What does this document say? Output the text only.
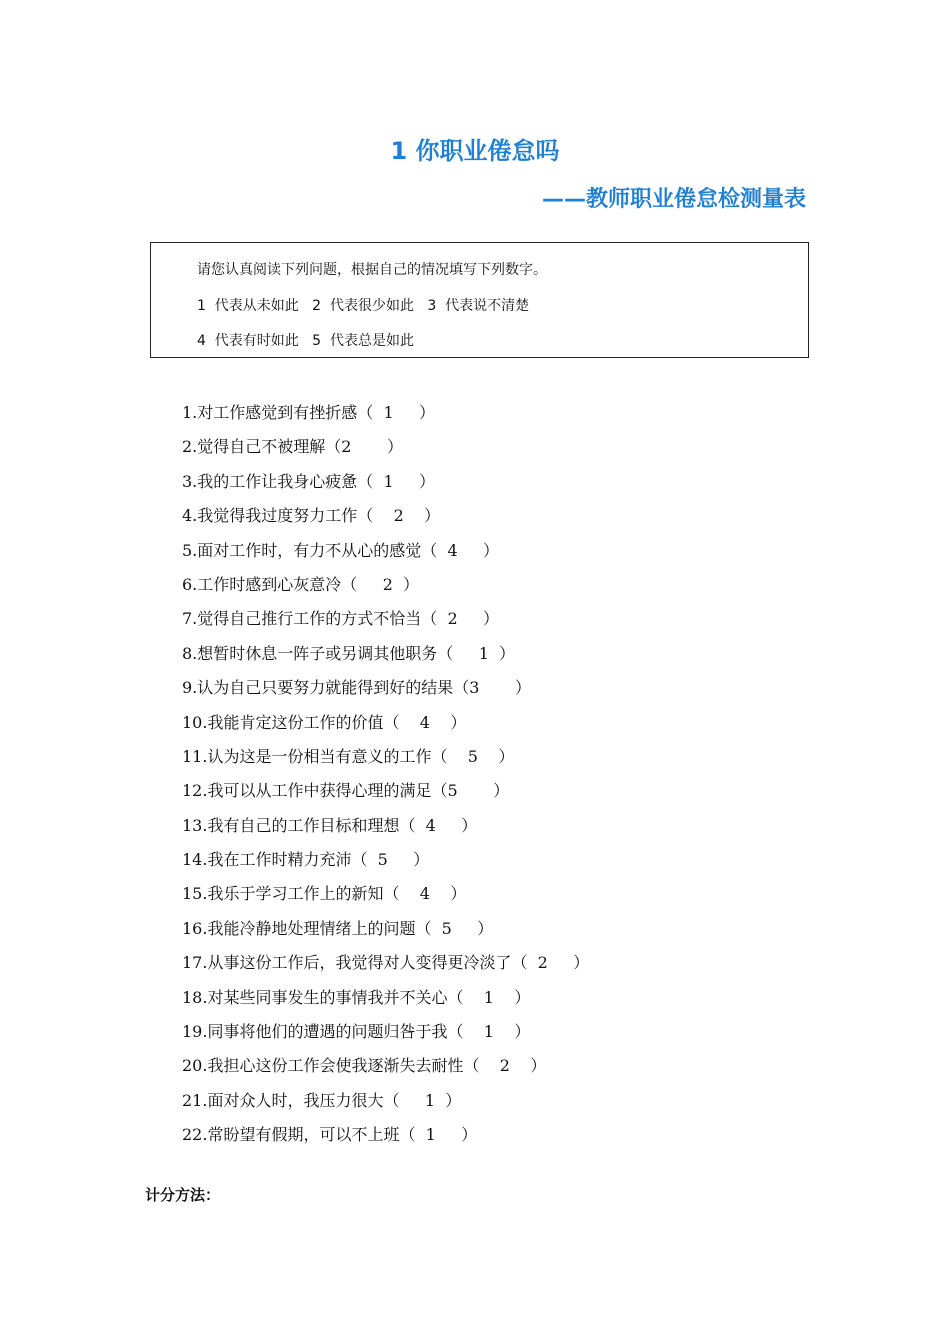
1 你职业倦怠吗
——教师职业倦怠检测量表
请您认真阅读下列问题，根据自己的情况填写下列数字。
1  代表从未如此   2  代表很少如此   3  代表说不清楚
4  代表有时如此   5  代表总是如此
1.对工作感觉到有挫折感（  1     ）
2.觉得自己不被理解（2       ）
3.我的工作让我身心疲惫（  1     ）
4.我觉得我过度努力工作（    2    ）
5.面对工作时，有力不从心的感觉（  4     ）
6.工作时感到心灰意冷（     2  ）
7.觉得自己推行工作的方式不恰当（  2     ）
8.想暂时休息一阵子或另调其他职务（     1  ）
9.认为自己只要努力就能得到好的结果（3       ）
10.我能肯定这份工作的价值（    4    ）
11.认为这是一份相当有意义的工作（    5    ）
12.我可以从工作中获得心理的满足（5       ）
13.我有自己的工作目标和理想（  4     ）
14.我在工作时精力充沛（  5     ）
15.我乐于学习工作上的新知（    4    ）
16.我能冷静地处理情绪上的问题（  5     ）
17.从事这份工作后，我觉得对人变得更冷淡了（  2     ）
18.对某些同事发生的事情我并不关心（    1    ）
19.同事将他们的遭遇的问题归咎于我（    1    ）
20.我担心这份工作会使我逐渐失去耐性（    2    ）
21.面对众人时，我压力很大（     1  ）
22.常盼望有假期，可以不上班（  1     ）
计分方法：
